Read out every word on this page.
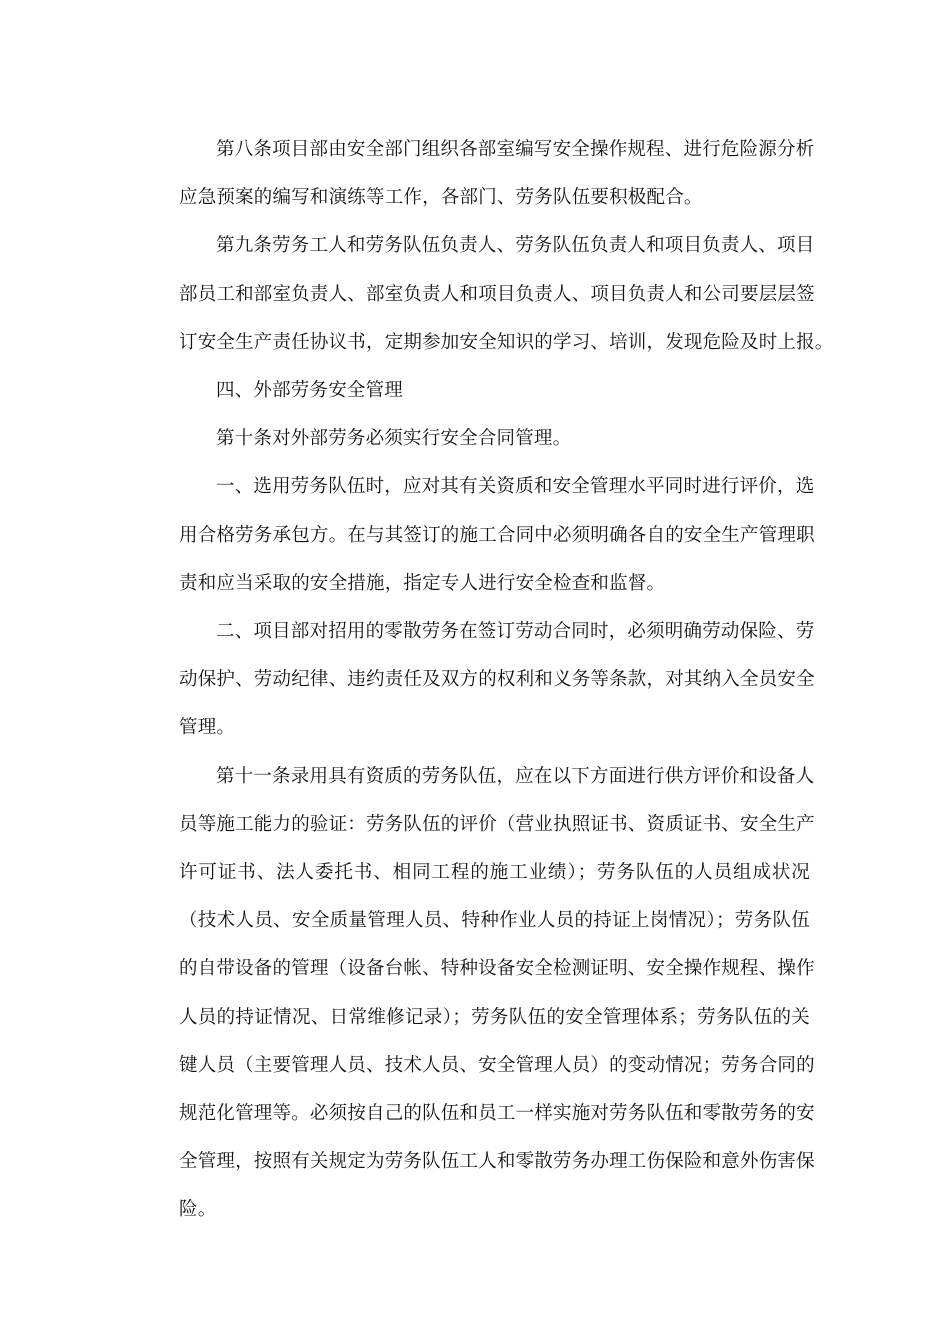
第八条项目部由安全部门组织各部室编写安全操作规程、进行危险源分析
应急预案的编写和演练等工作，各部门、劳务队伍要积极配合。
第九条劳务工人和劳务队伍负责人、劳务队伍负责人和项目负责人、项目
部员工和部室负责人、部室负责人和项目负责人、项目负责人和公司要层层签
订安全生产责任协议书，定期参加安全知识的学习、培训，发现危险及时上报。
四、外部劳务安全管理
第十条对外部劳务必须实行安全合同管理。
一、选用劳务队伍时，应对其有关资质和安全管理水平同时进行评价，选
用合格劳务承包方。在与其签订的施工合同中必须明确各自的安全生产管理职
责和应当采取的安全措施，指定专人进行安全检查和监督。
二、项目部对招用的零散劳务在签订劳动合同时，必须明确劳动保险、劳
动保护、劳动纪律、违约责任及双方的权利和义务等条款，对其纳入全员安全
管理。
第十一条录用具有资质的劳务队伍，应在以下方面进行供方评价和设备人
员等施工能力的验证：劳务队伍的评价（营业执照证书、资质证书、安全生产
许可证书、法人委托书、相同工程的施工业绩）；劳务队伍的人员组成状况
（技术人员、安全质量管理人员、特种作业人员的持证上岗情况）；劳务队伍
的自带设备的管理（设备台帐、特种设备安全检测证明、安全操作规程、操作
人员的持证情况、日常维修记录）；劳务队伍的安全管理体系；劳务队伍的关
键人员（主要管理人员、技术人员、安全管理人员）的变动情况；劳务合同的
规范化管理等。必须按自己的队伍和员工一样实施对劳务队伍和零散劳务的安
全管理，按照有关规定为劳务队伍工人和零散劳务办理工伤保险和意外伤害保
险。
